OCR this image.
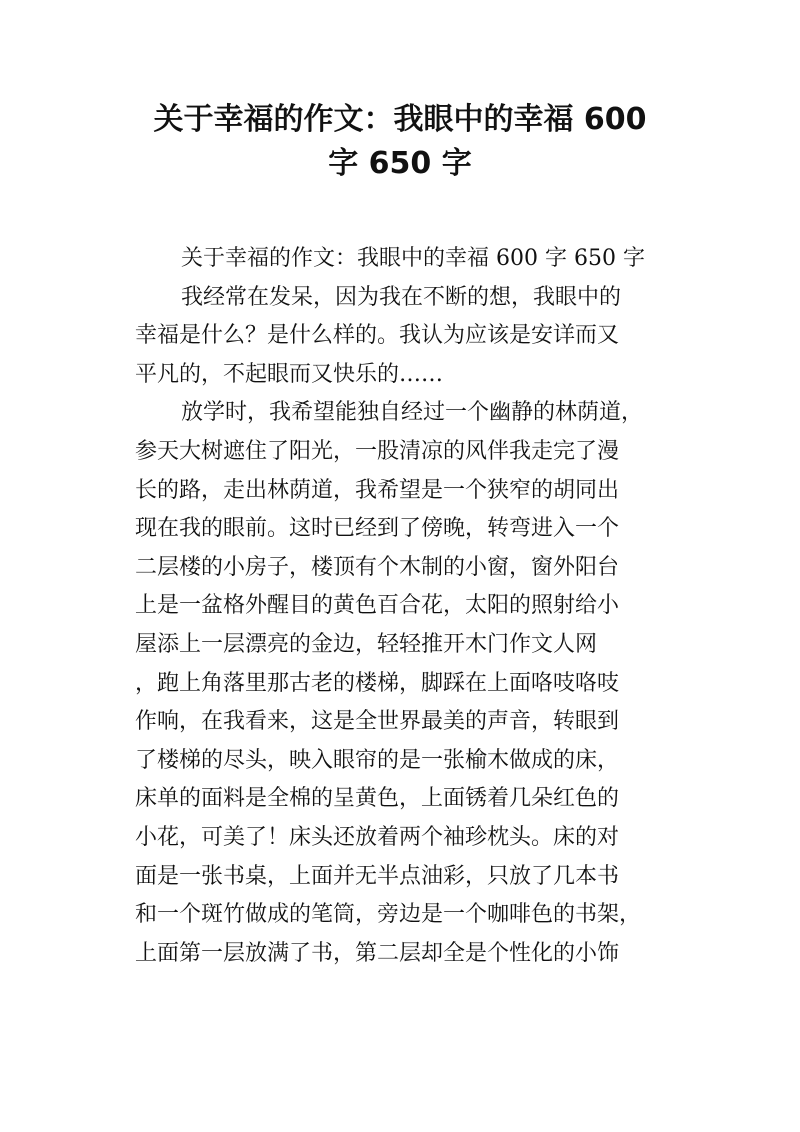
关于幸福的作文：我眼中的幸福 600
字 650 字
关于幸福的作文：我眼中的幸福 600 字 650 字
我经常在发呆，因为我在不断的想，我眼中的
幸福是什么？是什么样的。我认为应该是安详而又
平凡的，不起眼而又快乐的……
放学时，我希望能独自经过一个幽静的林荫道，
参天大树遮住了阳光，一股清凉的风伴我走完了漫
长的路，走出林荫道，我希望是一个狭窄的胡同出
现在我的眼前。这时已经到了傍晚，转弯进入一个
二层楼的小房子，楼顶有个木制的小窗，窗外阳台
上是一盆格外醒目的黄色百合花，太阳的照射给小
屋添上一层漂亮的金边，轻轻推开木门作文人网
，跑上角落里那古老的楼梯，脚踩在上面咯吱咯吱
作响，在我看来，这是全世界最美的声音，转眼到
了楼梯的尽头，映入眼帘的是一张榆木做成的床，
床单的面料是全棉的呈黄色，上面锈着几朵红色的
小花，可美了！床头还放着两个袖珍枕头。床的对
面是一张书桌，上面并无半点油彩，只放了几本书
和一个斑竹做成的笔筒，旁边是一个咖啡色的书架，
上面第一层放满了书，第二层却全是个性化的小饰
